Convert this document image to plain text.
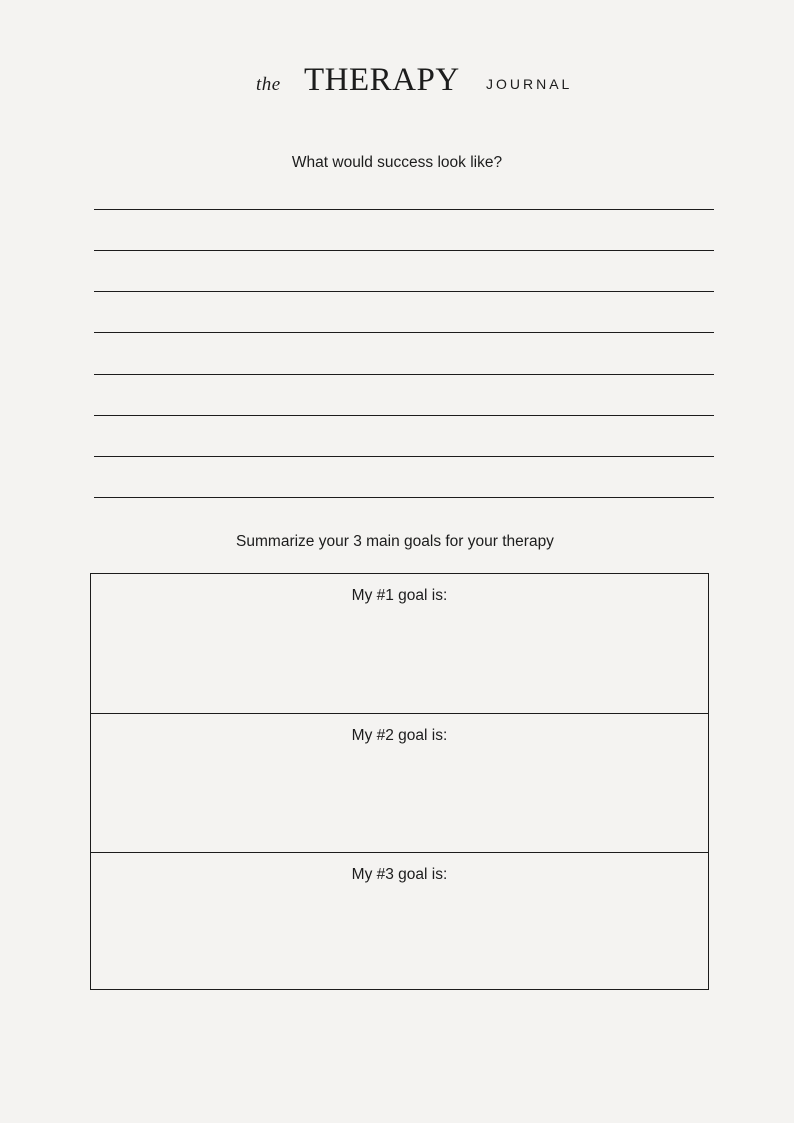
the THERAPY JOURNAL
What would success look like?
Summarize your 3 main goals for your therapy
My #1 goal is:
My #2 goal is:
My #3 goal is:
